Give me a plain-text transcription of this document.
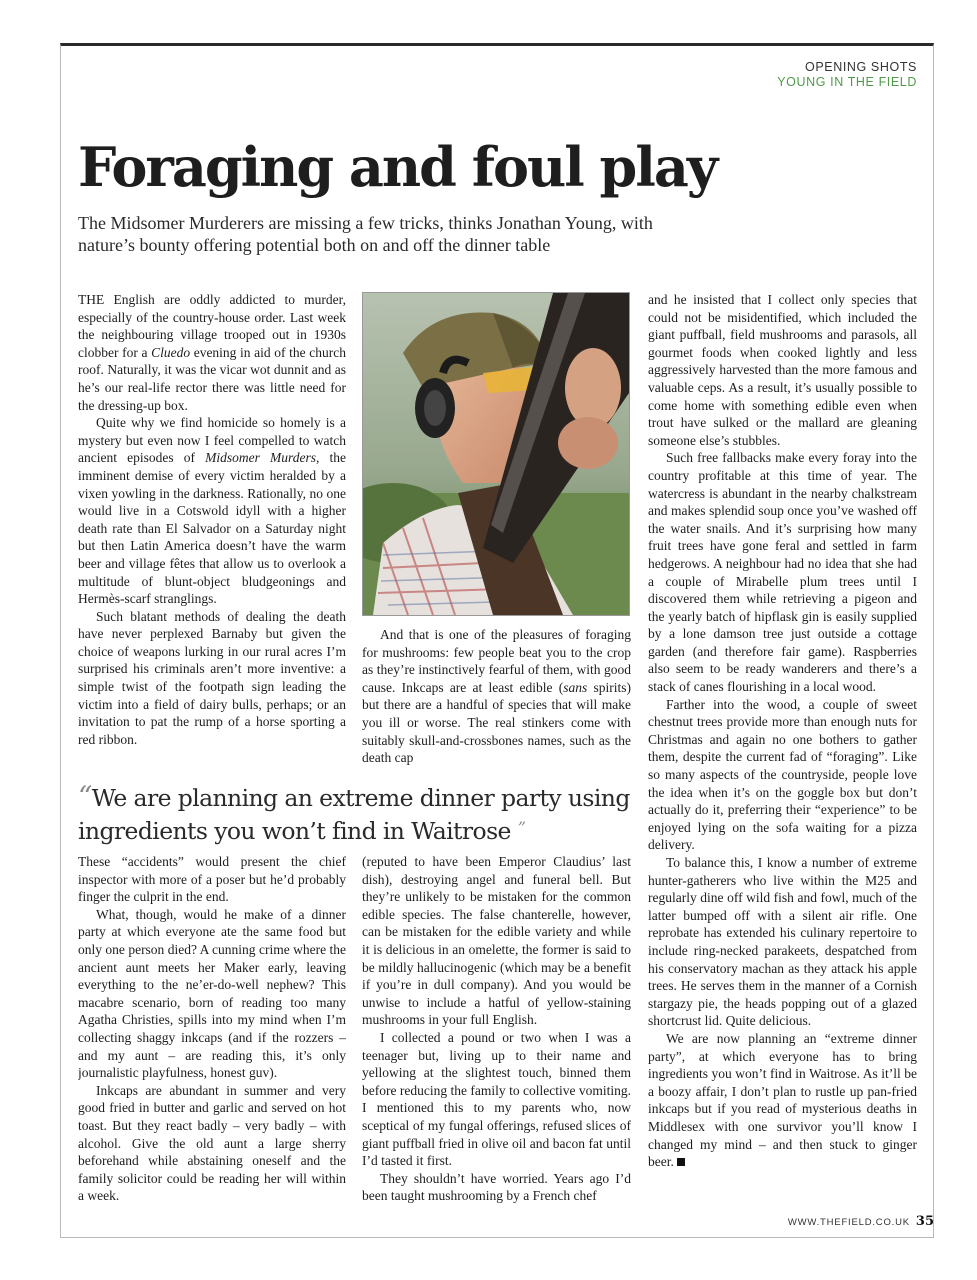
OPENING SHOTS
YOUNG IN THE FIELD
Foraging and foul play

The Midsomer Murderers are missing a few tricks, thinks Jonathan Young, with nature’s bounty offering potential both on and off the dinner table

THE English are oddly addicted to murder, especially of the country-house order. Last week the neighbouring village trooped out in 1930s clobber for a Cluedo evening in aid of the church roof. Naturally, it was the vicar wot dunnit and as he’s our real-life rector there was little need for the dressing-up box.

Quite why we find homicide so homely is a mystery but even now I feel compelled to watch ancient episodes of Midsomer Murders, the imminent demise of every victim heralded by a vixen yowling in the darkness. Rationally, no one would live in a Cotswold idyll with a higher death rate than El Salvador on a Saturday night but then Latin America doesn’t have the warm beer and village fêtes that allow us to overlook a multitude of blunt-object bludgeonings and Hermès-scarf stranglings.

Such blatant methods of dealing the death have never perplexed Barnaby but given the choice of weapons lurking in our rural acres I’m surprised his criminals aren’t more inventive: a simple twist of the footpath sign leading the victim into a field of dairy bulls, perhaps; or an invitation to pat the rump of a horse sporting a red ribbon.

And that is one of the pleasures of foraging for mushrooms: few people beat you to the crop as they’re instinctively fearful of them, with good cause. Inkcaps are at least edible (sans spirits) but there are a handful of species that will make you ill or worse. The real stinkers come with suitably skull-and-crossbones names, such as the death cap

“We are planning an extreme dinner party using ingredients you won’t find in Waitrose ”

These “accidents” would present the chief inspector with more of a poser but he’d probably finger the culprit in the end.

What, though, would he make of a dinner party at which everyone ate the same food but only one person died? A cunning crime where the ancient aunt meets her Maker early, leaving everything to the ne’er-do-well nephew? This macabre scenario, born of reading too many Agatha Christies, spills into my mind when I’m collecting shaggy inkcaps (and if the rozzers – and my aunt – are reading this, it’s only journalistic playfulness, honest guv).

Inkcaps are abundant in summer and very good fried in butter and garlic and served on hot toast. But they react badly – very badly – with alcohol. Give the old aunt a large sherry beforehand while abstaining oneself and the family solicitor could be reading her will within a week.

(reputed to have been Emperor Claudius’ last dish), destroying angel and funeral bell. But they’re unlikely to be mistaken for the common edible species. The false chanterelle, however, can be mistaken for the edible variety and while it is delicious in an omelette, the former is said to be mildly hallucinogenic (which may be a benefit if you’re in dull company). And you would be unwise to include a hatful of yellow-staining mushrooms in your full English.

I collected a pound or two when I was a teenager but, living up to their name and yellowing at the slightest touch, binned them before reducing the family to collective vomiting. I mentioned this to my parents who, now sceptical of my fungal offerings, refused slices of giant puffball fried in olive oil and bacon fat until I’d tasted it first.

They shouldn’t have worried. Years ago I’d been taught mushrooming by a French chef

and he insisted that I collect only species that could not be misidentified, which included the giant puffball, field mushrooms and parasols, all gourmet foods when cooked lightly and less aggressively harvested than the more famous and valuable ceps. As a result, it’s usually possible to come home with something edible even when trout have sulked or the mallard are gleaning someone else’s stubbles.

Such free fallbacks make every foray into the country profitable at this time of year. The watercress is abundant in the nearby chalkstream and makes splendid soup once you’ve washed off the water snails. And it’s surprising how many fruit trees have gone feral and settled in farm hedgerows. A neighbour had no idea that she had a couple of Mirabelle plum trees until I discovered them while retrieving a pigeon and the yearly batch of hipflask gin is easily supplied by a lone damson tree just outside a cottage garden (and therefore fair game). Raspberries also seem to be ready wanderers and there’s a stack of canes flourishing in a local wood.

Farther into the wood, a couple of sweet chestnut trees provide more than enough nuts for Christmas and again no one bothers to gather them, despite the current fad of “foraging”. Like so many aspects of the countryside, people love the idea when it’s on the goggle box but don’t actually do it, preferring their “experience” to be enjoyed lying on the sofa waiting for a pizza delivery.

To balance this, I know a number of extreme hunter-gatherers who live within the M25 and regularly dine off wild fish and fowl, much of the latter bumped off with a silent air rifle. One reprobate has extended his culinary repertoire to include ring-necked parakeets, despatched from his conservatory machan as they attack his apple trees. He serves them in the manner of a Cornish stargazy pie, the heads popping out of a glazed shortcrust lid. Quite delicious.

We are now planning an “extreme dinner party”, at which everyone has to bring ingredients you won’t find in Waitrose. As it’ll be a boozy affair, I don’t plan to rustle up pan-fried inkcaps but if you read of mysterious deaths in Middlesex with one survivor you’ll know I changed my mind – and then stuck to ginger beer.

WWW.THEFIELD.CO.UK 35
